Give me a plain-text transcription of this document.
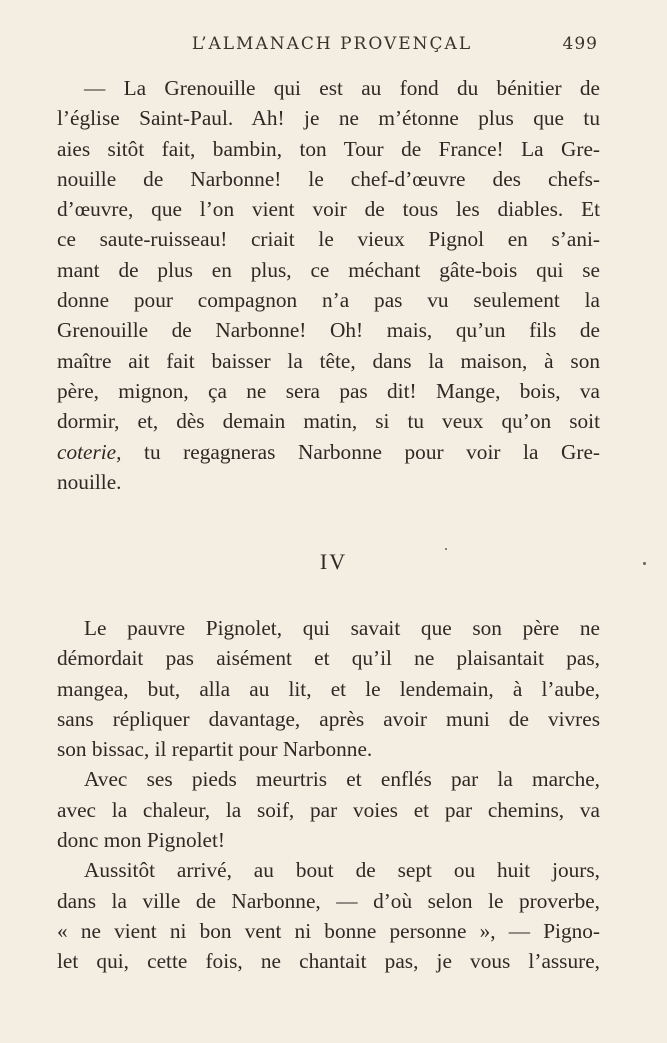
L’ALMANACH PROVENÇAL	499
— La Grenouille qui est au fond du bénitier de
l’église Saint-Paul. Ah! je ne m’étonne plus que tu
aies sitôt fait, bambin, ton Tour de France! La Gre-
nouille de Narbonne! le chef-d’œuvre des chefs-
d’œuvre, que l’on vient voir de tous les diables. Et
ce saute-ruisseau! criait le vieux Pignol en s’ani-
mant de plus en plus, ce méchant gâte-bois qui se
donne pour compagnon n’a pas vu seulement la
Grenouille de Narbonne! Oh! mais, qu’un fils de
maître ait fait baisser la tête, dans la maison, à son
père, mignon, ça ne sera pas dit! Mange, bois, va
dormir, et, dès demain matin, si tu veux qu’on soit
coterie, tu regagneras Narbonne pour voir la Gre-
nouille.
IV
Le pauvre Pignolet, qui savait que son père ne
démordait pas aisément et qu’il ne plaisantait pas,
mangea, but, alla au lit, et le lendemain, à l’aube,
sans répliquer davantage, après avoir muni de vivres
son bissac, il repartit pour Narbonne.
Avec ses pieds meurtris et enflés par la marche,
avec la chaleur, la soif, par voies et par chemins, va
donc mon Pignolet!
Aussitôt arrivé, au bout de sept ou huit jours,
dans la ville de Narbonne, — d’où selon le proverbe,
« ne vient ni bon vent ni bonne personne », — Pigno-
let qui, cette fois, ne chantait pas, je vous l’assure,
